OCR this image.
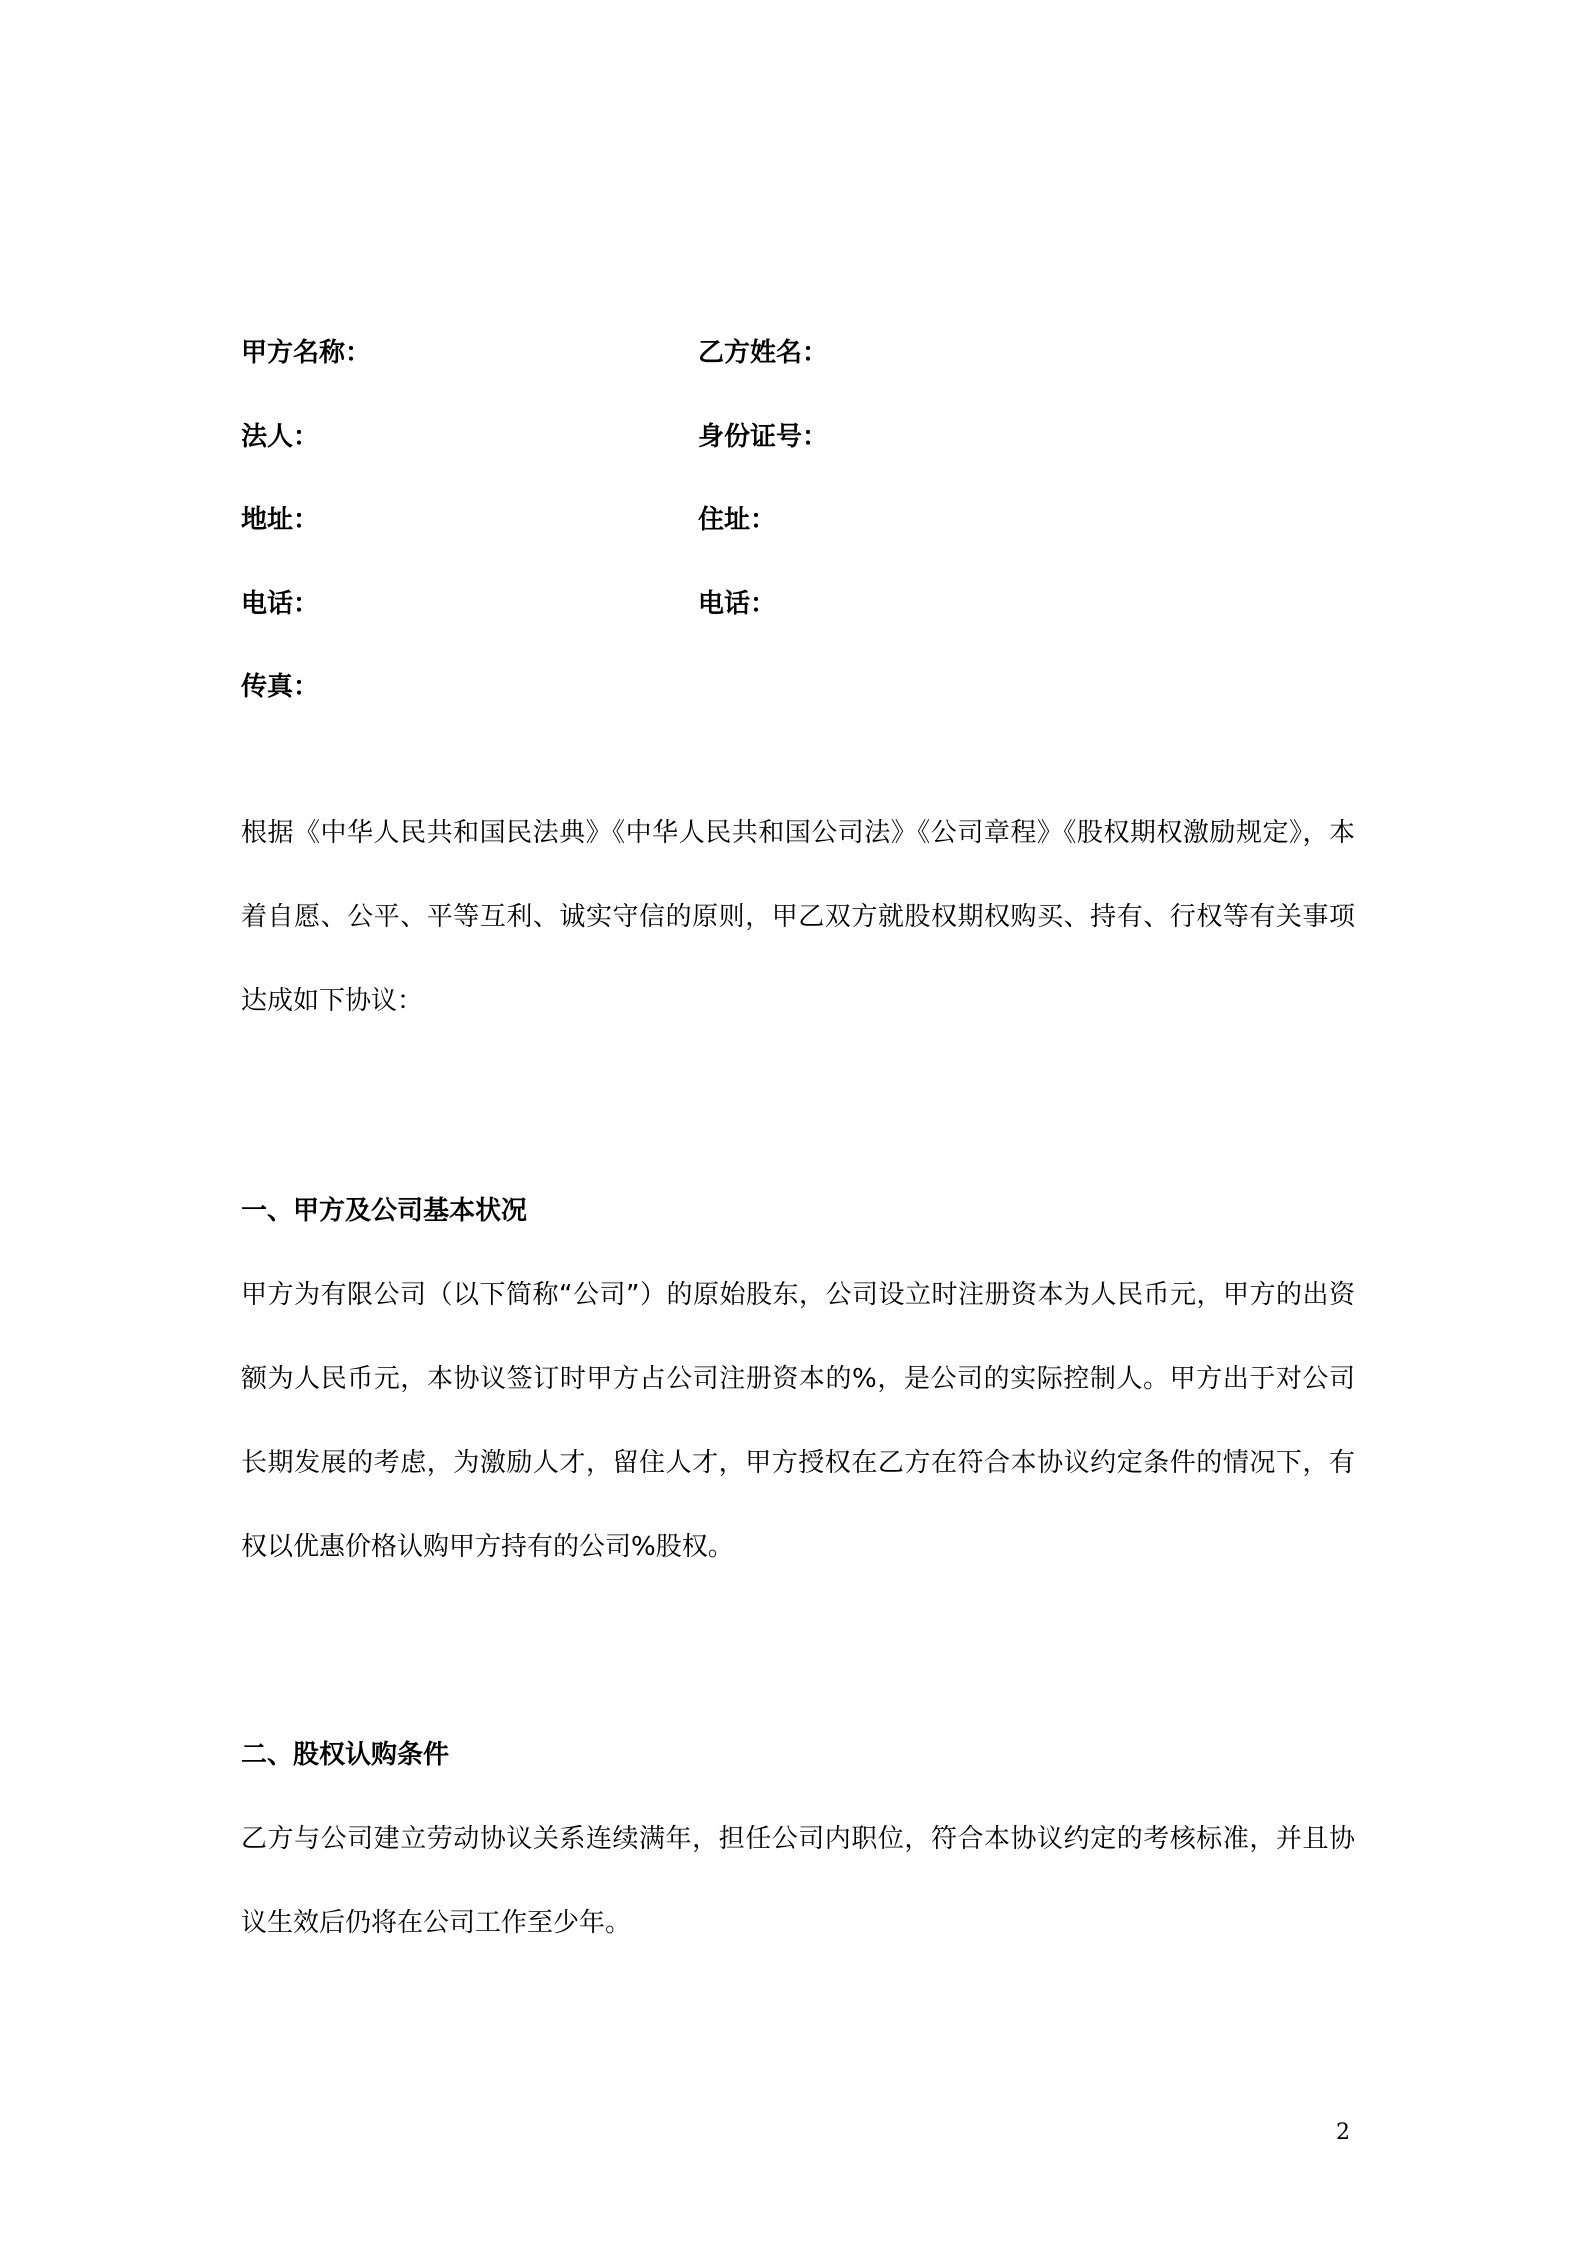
甲方名称：	乙方姓名：
法人：	身份证号：
地址：	住址：
电话：	电话：
传真：

根据《中华人民共和国民法典》《中华人民共和国公司法》《公司章程》《股权期权激励规定》，本着自愿、公平、平等互利、诚实守信的原则，甲乙双方就股权期权购买、持有、行权等有关事项达成如下协议：

一、甲方及公司基本状况

甲方为有限公司（以下简称“公司”）的原始股东，公司设立时注册资本为人民币元，甲方的出资额为人民币元，本协议签订时甲方占公司注册资本的%，是公司的实际控制人。甲方出于对公司长期发展的考虑，为激励人才，留住人才，甲方授权在乙方在符合本协议约定条件的情况下，有权以优惠价格认购甲方持有的公司%股权。

二、股权认购条件

乙方与公司建立劳动协议关系连续满年，担任公司内职位，符合本协议约定的考核标准，并且协议生效后仍将在公司工作至少年。

2
